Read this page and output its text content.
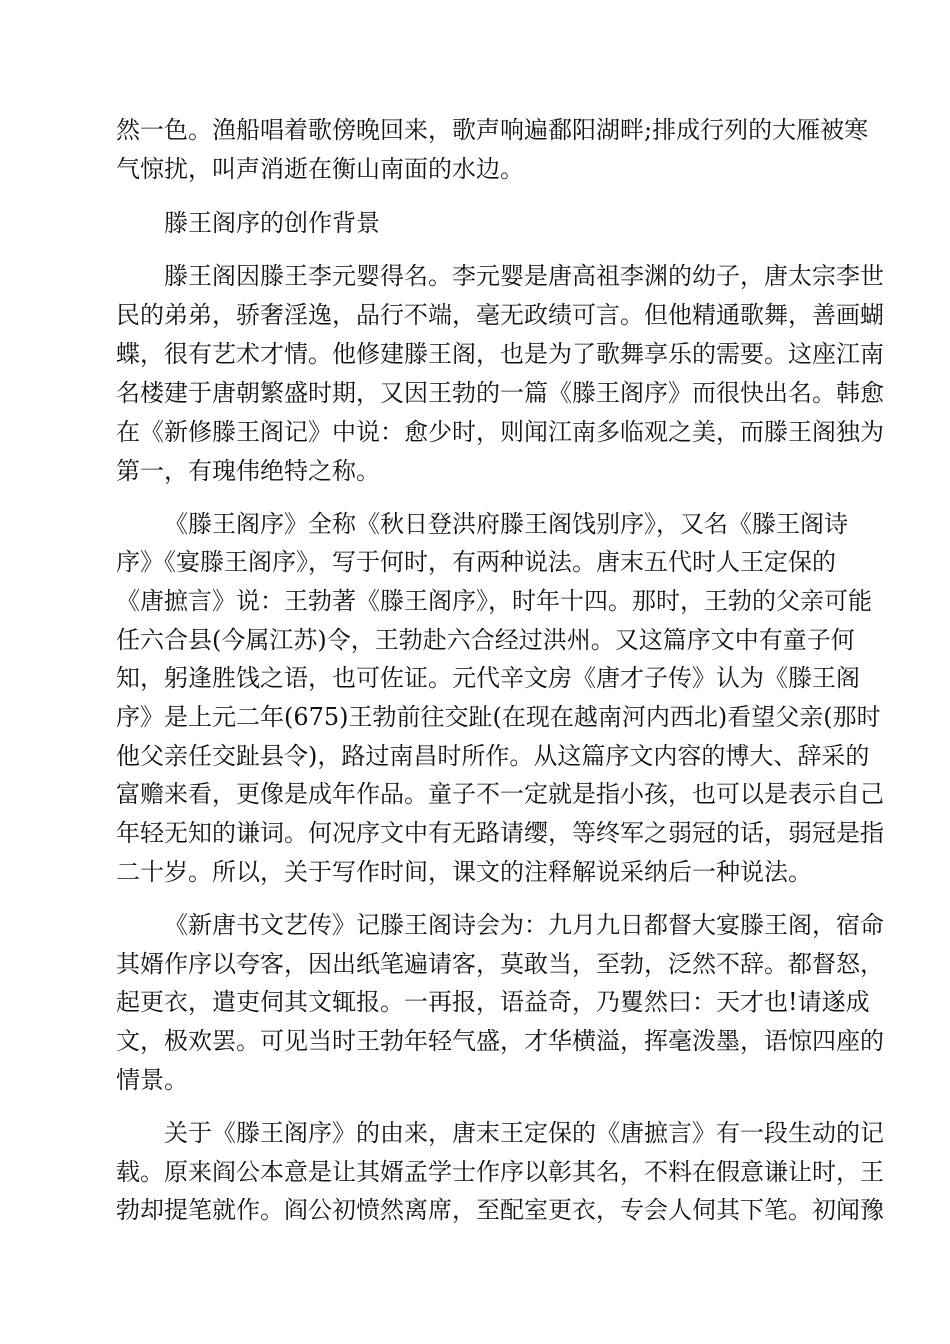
然一色。渔船唱着歌傍晚回来，歌声响遍鄱阳湖畔;排成行列的大雁被寒

气惊扰，叫声消逝在衡山南面的水边。

滕王阁序的创作背景

滕王阁因滕王李元婴得名。李元婴是唐高祖李渊的幼子，唐太宗李世

民的弟弟，骄奢淫逸，品行不端，毫无政绩可言。但他精通歌舞，善画蝴

蝶，很有艺术才情。他修建滕王阁，也是为了歌舞享乐的需要。这座江南

名楼建于唐朝繁盛时期，又因王勃的一篇《滕王阁序》而很快出名。韩愈

在《新修滕王阁记》中说：愈少时，则闻江南多临观之美，而滕王阁独为

第一，有瑰伟绝特之称。

《滕王阁序》全称《秋日登洪府滕王阁饯别序》，又名《滕王阁诗

序》《宴滕王阁序》，写于何时，有两种说法。唐末五代时人王定保的

《唐摭言》说：王勃著《滕王阁序》，时年十四。那时，王勃的父亲可能

任六合县(今属江苏)令，王勃赴六合经过洪州。又这篇序文中有童子何

知，躬逢胜饯之语，也可佐证。元代辛文房《唐才子传》认为《滕王阁

序》是上元二年(675)王勃前往交趾(在现在越南河内西北)看望父亲(那时

他父亲任交趾县令)，路过南昌时所作。从这篇序文内容的博大、辞采的

富赡来看，更像是成年作品。童子不一定就是指小孩，也可以是表示自己

年轻无知的谦词。何况序文中有无路请缨，等终军之弱冠的话，弱冠是指

二十岁。所以，关于写作时间，课文的注释解说采纳后一种说法。

《新唐书文艺传》记滕王阁诗会为：九月九日都督大宴滕王阁，宿命

其婿作序以夸客，因出纸笔遍请客，莫敢当，至勃，泛然不辞。都督怒，

起更衣，遣吏伺其文辄报。一再报，语益奇，乃矍然曰：天才也!请遂成

文，极欢罢。可见当时王勃年轻气盛，才华横溢，挥毫泼墨，语惊四座的

情景。

关于《滕王阁序》的由来，唐末王定保的《唐摭言》有一段生动的记

载。原来阎公本意是让其婿孟学士作序以彰其名，不料在假意谦让时，王

勃却提笔就作。阎公初愤然离席，至配室更衣，专会人伺其下笔。初闻豫
